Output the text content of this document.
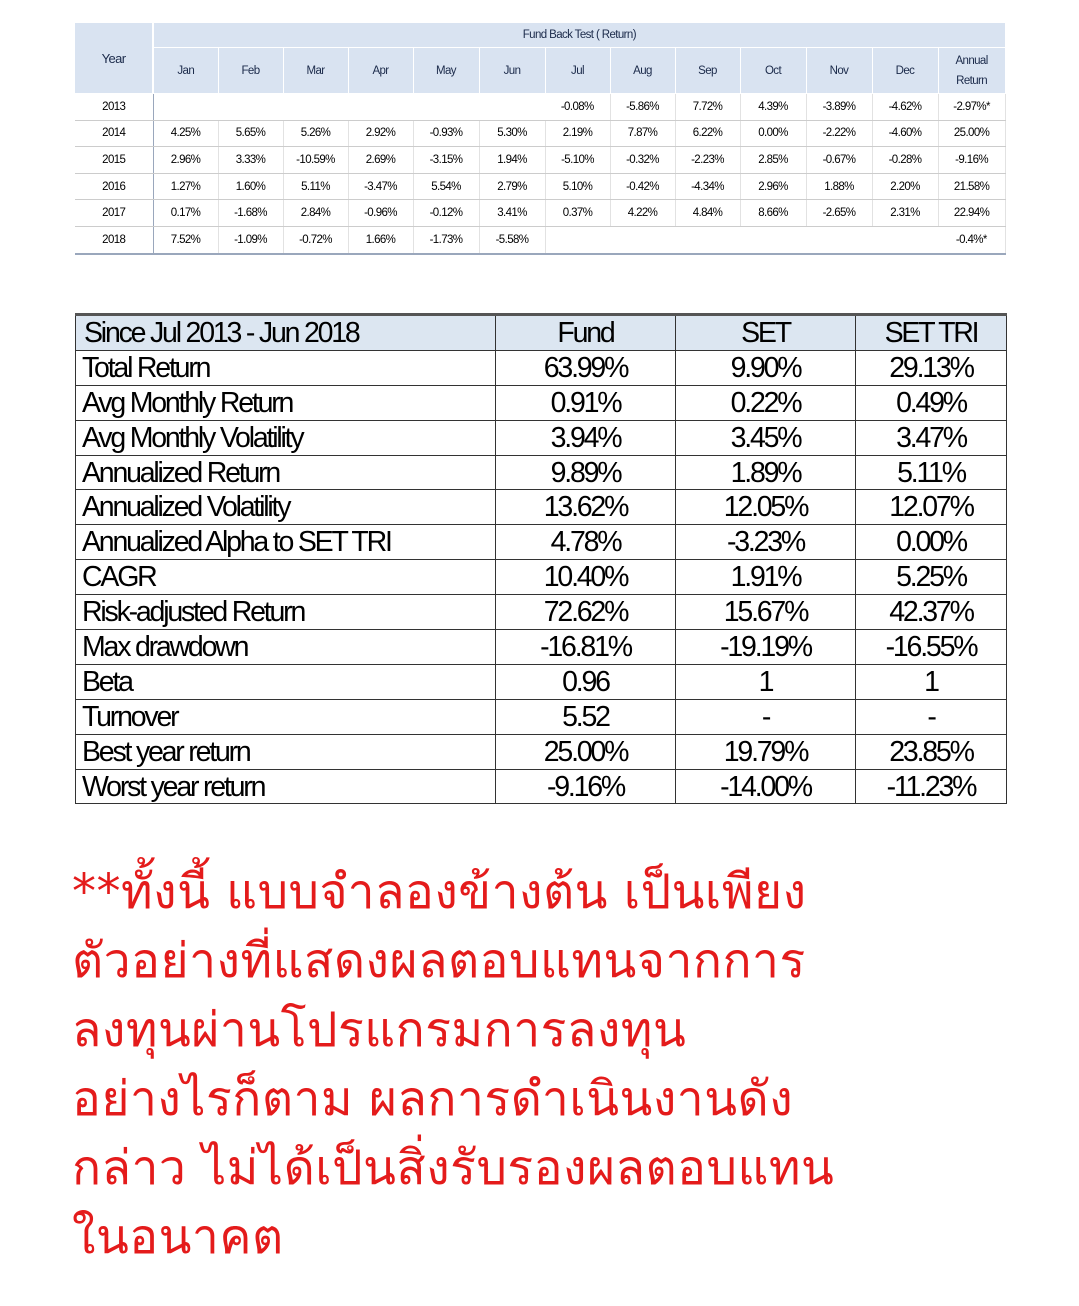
Year	Fund Back Test ( Return)												
	Jan	Feb	Mar	Apr	May	Jun	Jul	Aug	Sep	Oct	Nov	Dec	Annual
Return
2013							-0.08%	-5.86%	7.72%	4.39%	-3.89%	-4.62%	-2.97%*
2014	4.25%	5.65%	5.26%	2.92%	-0.93%	5.30%	2.19%	7.87%	6.22%	0.00%	-2.22%	-4.60%	25.00%
2015	2.96%	3.33%	-10.59%	2.69%	-3.15%	1.94%	-5.10%	-0.32%	-2.23%	2.85%	-0.67%	-0.28%	-9.16%
2016	1.27%	1.60%	5.11%	-3.47%	5.54%	2.79%	5.10%	-0.42%	-4.34%	2.96%	1.88%	2.20%	21.58%
2017	0.17%	-1.68%	2.84%	-0.96%	-0.12%	3.41%	0.37%	4.22%	4.84%	8.66%	-2.65%	2.31%	22.94%
2018	7.52%	-1.09%	-0.72%	1.66%	-1.73%	-5.58%							-0.4%*
Since Jul 2013 - Jun 2018	Fund	SET	SET TRI
Total Return	63.99%	9.90%	29.13%
Avg Monthly Return	0.91%	0.22%	0.49%
Avg Monthly Volatility	3.94%	3.45%	3.47%
Annualized Return	9.89%	1.89%	5.11%
Annualized Volatility	13.62%	12.05%	12.07%
Annualized Alpha to SET TRI	4.78%	-3.23%	0.00%
CAGR	10.40%	1.91%	5.25%
Risk-adjusted Return	72.62%	15.67%	42.37%
Max drawdown	-16.81%	-19.19%	-16.55%
Beta	0.96	1	1
Turnover	5.52	-	-
Best year return	25.00%	19.79%	23.85%
Worst year return	-9.16%	-14.00%	-11.23%

**ทั้งนี้ แบบจำลองข้างต้น เป็นเพียง
ตัวอย่างที่แสดงผลตอบแทนจากการ
ลงทุนผ่านโปรแกรมการลงทุน
อย่างไรก็ตาม ผลการดำเนินงานดัง
กล่าว ไม่ได้เป็นสิ่งรับรองผลตอบแทน
ในอนาคต
